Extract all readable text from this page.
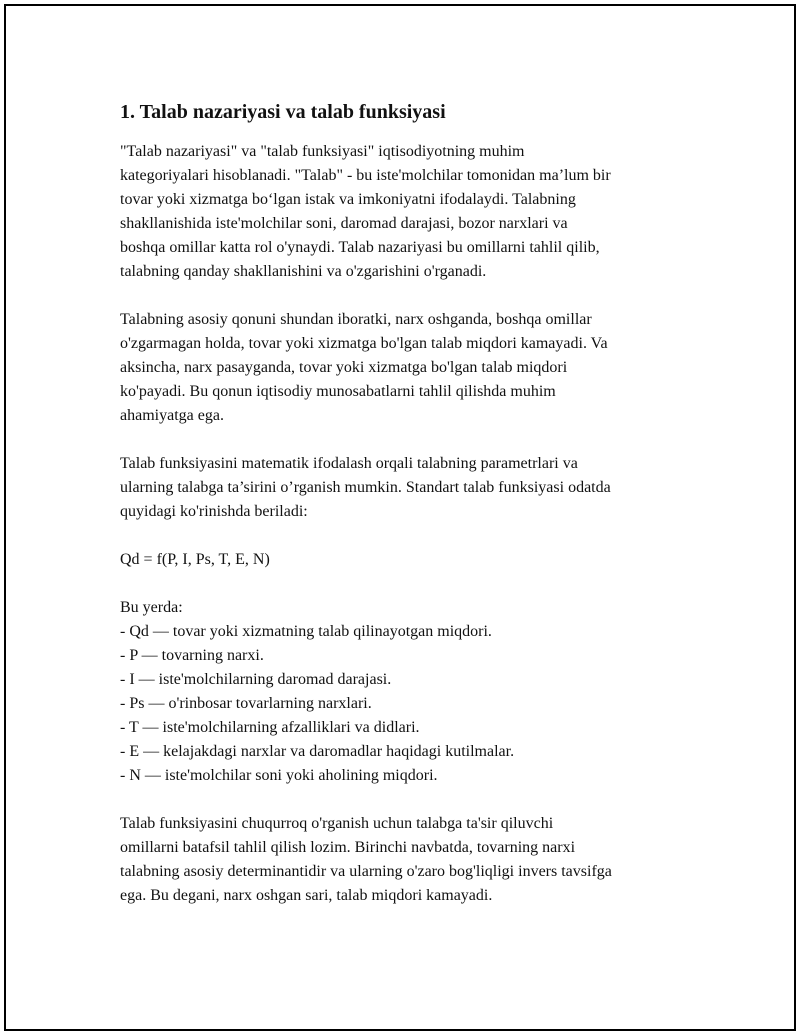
1. Talab nazariyasi va talab funksiyasi

"Talab nazariyasi" va "talab funksiyasi" iqtisodiyotning muhim
kategoriyalari hisoblanadi. "Talab" - bu iste'molchilar tomonidan ma’lum bir
tovar yoki xizmatga bo‘lgan istak va imkoniyatni ifodalaydi. Talabning
shakllanishida iste'molchilar soni, daromad darajasi, bozor narxlari va
boshqa omillar katta rol o'ynaydi. Talab nazariyasi bu omillarni tahlil qilib,
talabning qanday shakllanishini va o'zgarishini o'rganadi.

Talabning asosiy qonuni shundan iboratki, narx oshganda, boshqa omillar
o'zgarmagan holda, tovar yoki xizmatga bo'lgan talab miqdori kamayadi. Va
aksincha, narx pasayganda, tovar yoki xizmatga bo'lgan talab miqdori
ko'payadi. Bu qonun iqtisodiy munosabatlarni tahlil qilishda muhim
ahamiyatga ega.

Talab funksiyasini matematik ifodalash orqali talabning parametrlari va
ularning talabga ta’sirini o’rganish mumkin. Standart talab funksiyasi odatda
quyidagi ko'rinishda beriladi:

Qd = f(P, I, Ps, T, E, N)

Bu yerda:
- Qd — tovar yoki xizmatning talab qilinayotgan miqdori.
- P — tovarning narxi.
- I — iste'molchilarning daromad darajasi.
- Ps — o'rinbosar tovarlarning narxlari.
- T — iste'molchilarning afzalliklari va didlari.
- E — kelajakdagi narxlar va daromadlar haqidagi kutilmalar.
- N — iste'molchilar soni yoki aholining miqdori.

Talab funksiyasini chuqurroq o'rganish uchun talabga ta'sir qiluvchi
omillarni batafsil tahlil qilish lozim. Birinchi navbatda, tovarning narxi
talabning asosiy determinantidir va ularning o'zaro bog'liqligi invers tavsifga
ega. Bu degani, narx oshgan sari, talab miqdori kamayadi.
